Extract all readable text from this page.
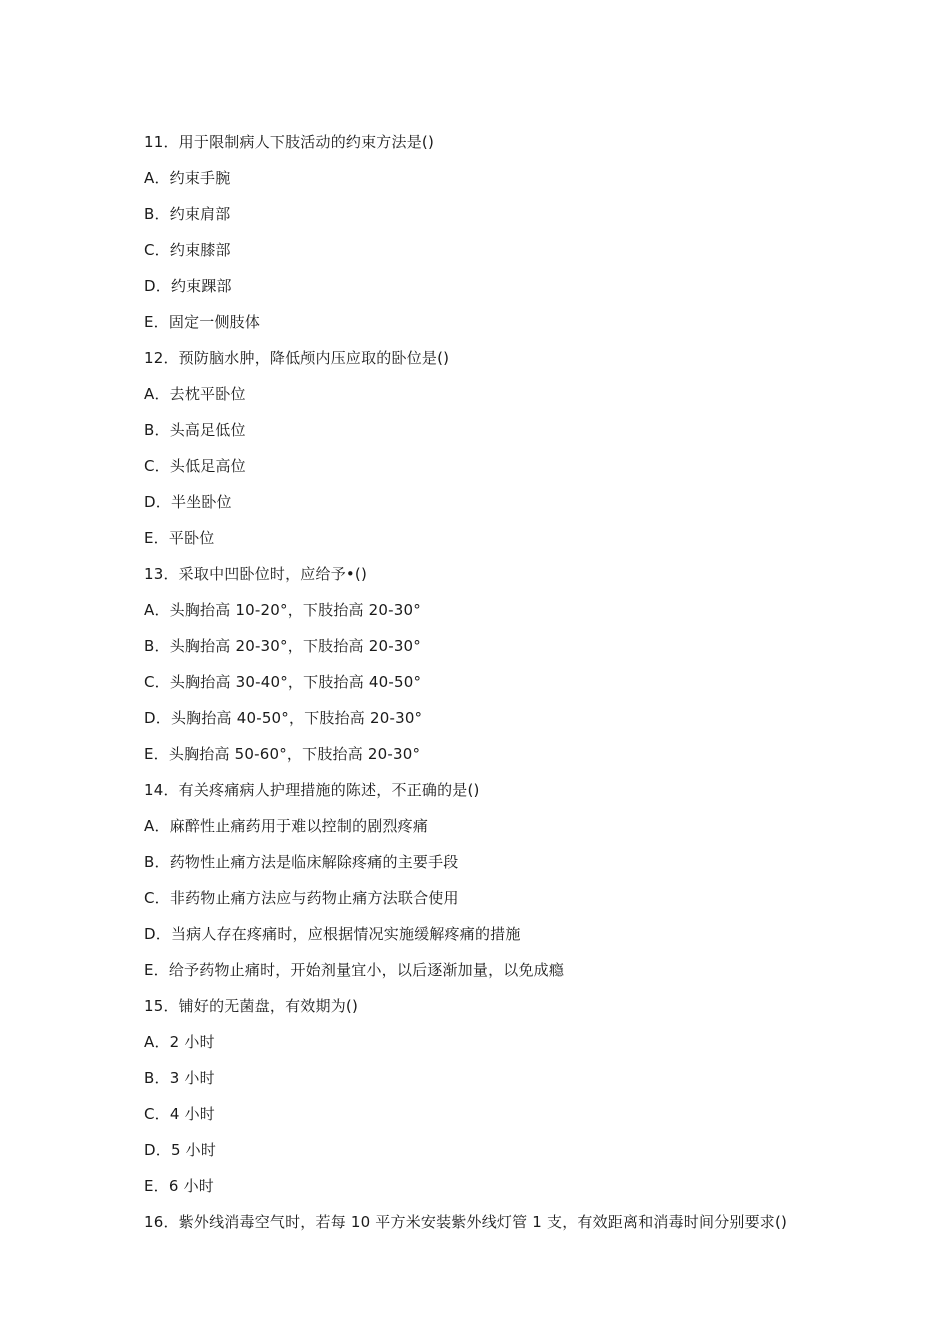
11．用于限制病人下肢活动的约束方法是()
A．约束手腕
B．约束肩部
C．约束膝部
D．约束踝部
E．固定一侧肢体
12．预防脑水肿，降低颅内压应取的卧位是()
A．去枕平卧位
B．头高足低位
C．头低足高位
D．半坐卧位
E．平卧位
13．采取中凹卧位时，应给予•()
A．头胸抬高 10-20°，下肢抬高 20-30°
B．头胸抬高 20-30°，下肢抬高 20-30°
C．头胸抬高 30-40°，下肢抬高 40-50°
D．头胸抬高 40-50°，下肢抬高 20-30°
E．头胸抬高 50-60°，下肢抬高 20-30°
14．有关疼痛病人护理措施的陈述，不正确的是()
A．麻醉性止痛药用于难以控制的剧烈疼痛
B．药物性止痛方法是临床解除疼痛的主要手段
C．非药物止痛方法应与药物止痛方法联合使用
D．当病人存在疼痛时，应根据情况实施缓解疼痛的措施
E．给予药物止痛时，开始剂量宜小，以后逐渐加量，以免成瘾
15．铺好的无菌盘，有效期为()
A．2 小时
B．3 小时
C．4 小时
D．5 小时
E．6 小时
16．紫外线消毒空气时，若每 10 平方米安装紫外线灯管 1 支，有效距离和消毒时间分别要求()
